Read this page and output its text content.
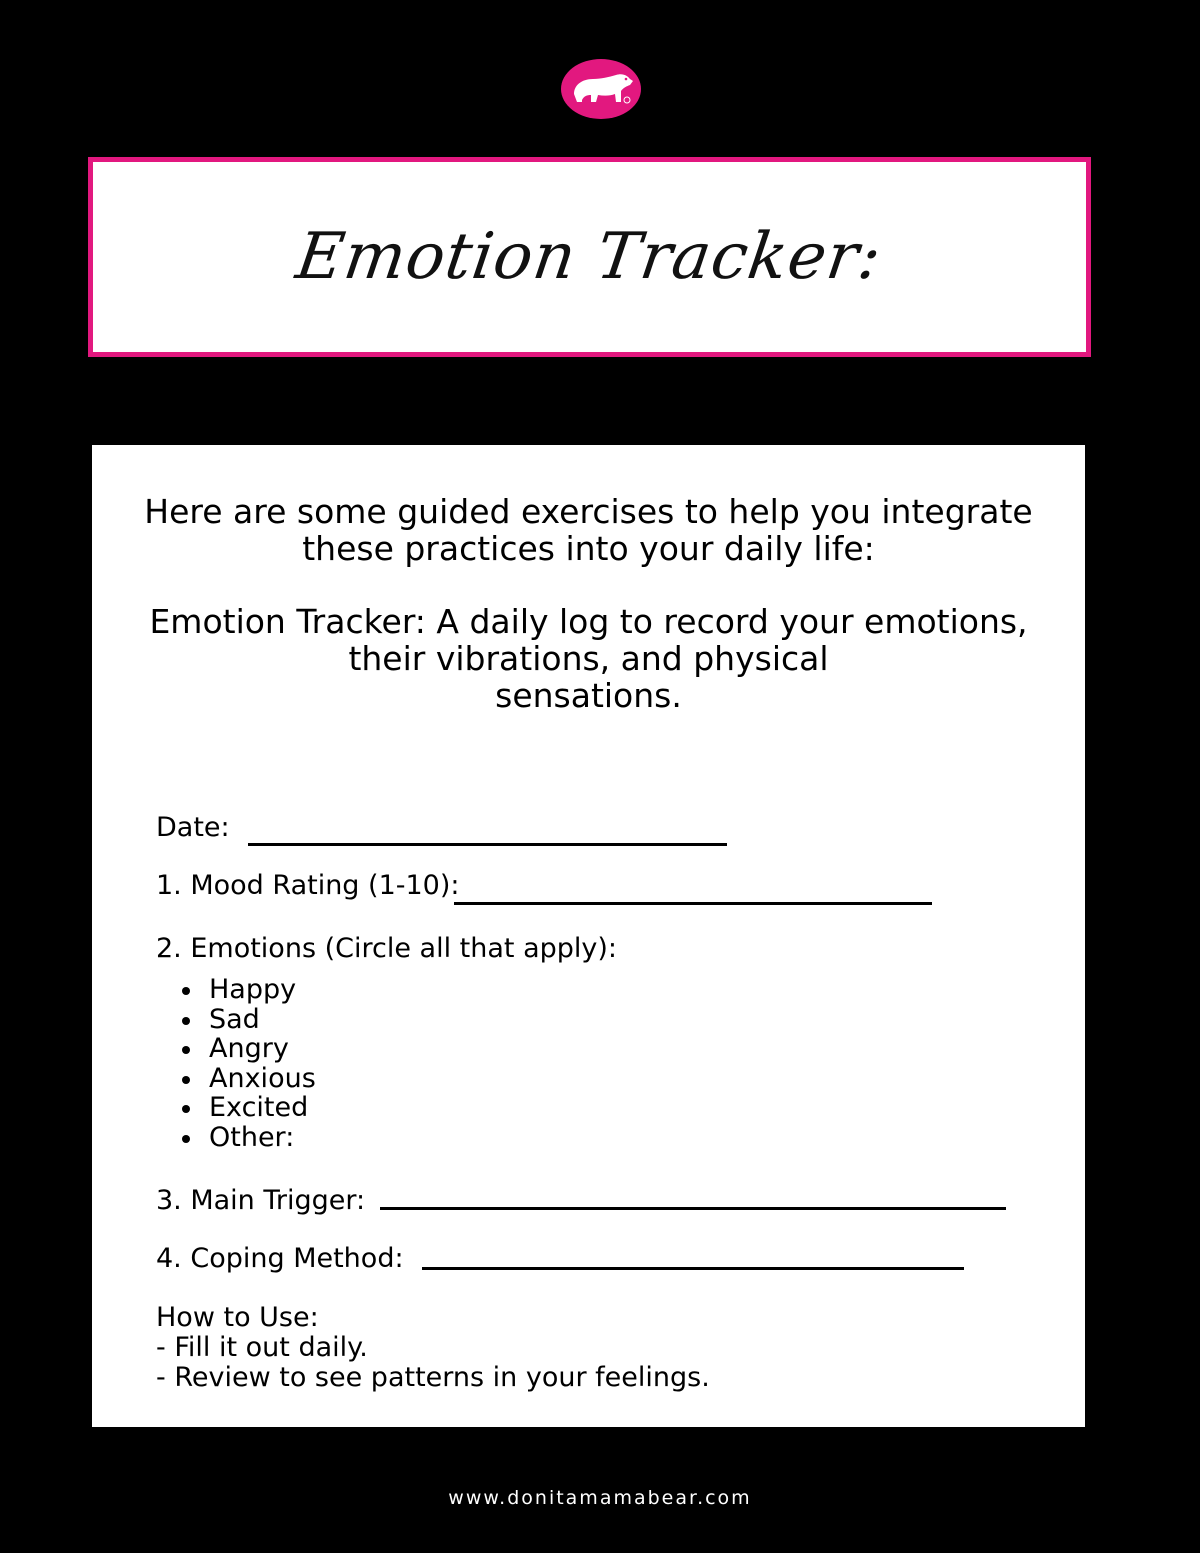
Emotion Tracker:
Here are some guided exercises to help you integrate
these practices into your daily life:
Emotion Tracker: A daily log to record your emotions,
their vibrations, and physical
sensations.
Date:
1. Mood Rating (1-10):
2. Emotions (Circle all that apply):
Happy
Sad
Angry
Anxious
Excited
Other:
3. Main Trigger:
4. Coping Method:
How to Use:
- Fill it out daily.
- Review to see patterns in your feelings.
www.donitamamabear.com
